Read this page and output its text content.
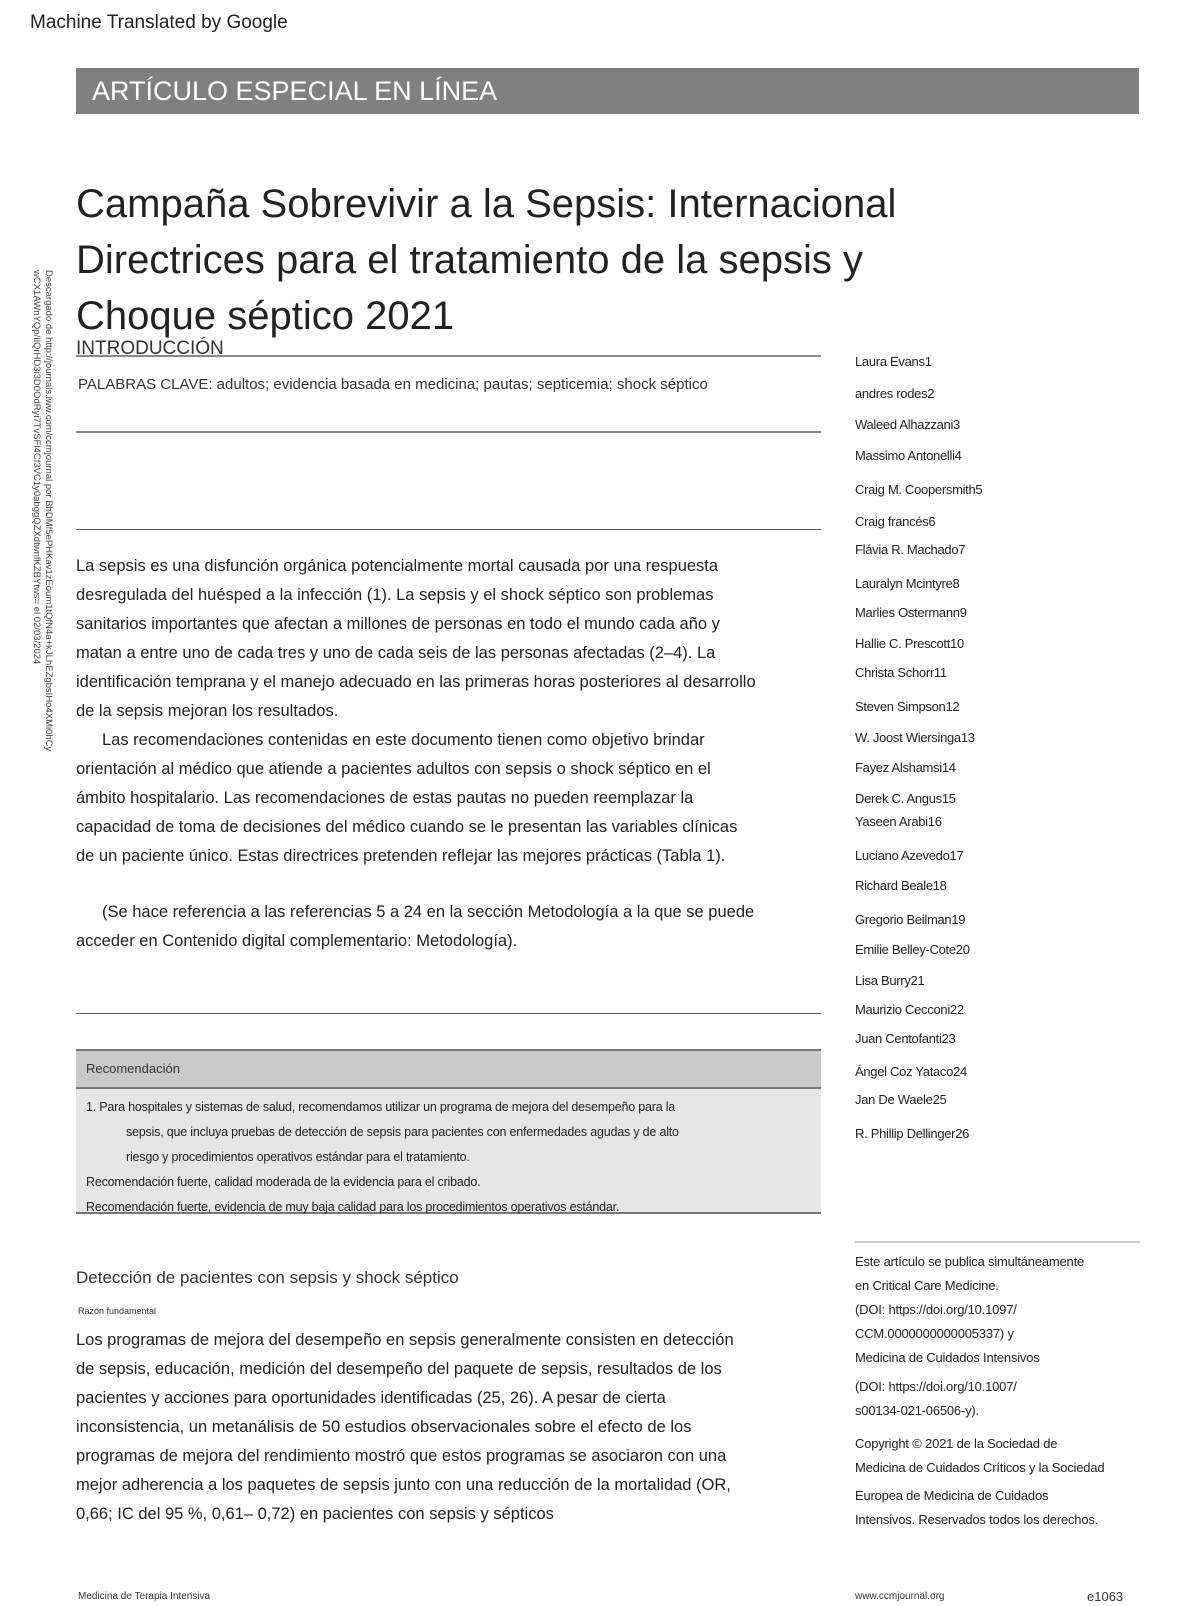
Machine Translated by Google
ARTÍCULO ESPECIAL EN LÍNEA
Campaña Sobrevivir a la Sepsis: Internacional
Directrices para el tratamiento de la sepsis y
Choque séptico 2021
Descargado de http://journals.lww.com/ccmjournal por BhDMf5ePHKav1zEoum1tQfN4a+kJLhEZgbsIHo4XMi0hCy
wCX1AWnYQp/IlQrHD3i3D0OdRyi7TvSFl4Cf3VC1y0abggQZXdtwnfKZBYtws= el 02/03/2024 INTRODUCCIÓN
PALABRAS CLAVE: adultos; evidencia basada en medicina; pautas; septicemia; shock séptico
La sepsis es una disfunción orgánica potencialmente mortal causada por una respuesta
desregulada del huésped a la infección (1). La sepsis y el shock séptico son problemas
sanitarios importantes que afectan a millones de personas en todo el mundo cada año y
matan a entre uno de cada tres y uno de cada seis de las personas afectadas (2–4). La
identificación temprana y el manejo adecuado en las primeras horas posteriores al desarrollo
de la sepsis mejoran los resultados.
Las recomendaciones contenidas en este documento tienen como objetivo brindar
orientación al médico que atiende a pacientes adultos con sepsis o shock séptico en el
ámbito hospitalario. Las recomendaciones de estas pautas no pueden reemplazar la
capacidad de toma de decisiones del médico cuando se le presentan las variables clínicas
de un paciente único. Estas directrices pretenden reflejar las mejores prácticas (Tabla 1).
(Se hace referencia a las referencias 5 a 24 en la sección Metodología a la que se puede
acceder en Contenido digital complementario: Metodología).
Laura Evans1
andres rodes2
Waleed Alhazzani3
Massimo Antonelli4
Craig M. Coopersmith5
Craig francés6
Flávia R. Machado7
Lauralyn Mcintyre8
Marlies Ostermann9
Hallie C. Prescott10
Christa Schorr11
Steven Simpson12
W. Joost Wiersinga13
Fayez Alshamsi14
Derek C. Angus15
Yaseen Arabi16
Luciano Azevedo17
Richard Beale18
Gregorio Beilman19
Emilie Belley-Cote20
Lisa Burry21
Maurizio Cecconi22
Juan Centofanti23
Ángel Coz Yataco24
Jan De Waele25
R. Phillip Dellinger26
Recomendación
1. Para hospitales y sistemas de salud, recomendamos utilizar un programa de mejora del desempeño para la
sepsis, que incluya pruebas de detección de sepsis para pacientes con enfermedades agudas y de alto
riesgo y procedimientos operativos estándar para el tratamiento.
Recomendación fuerte, calidad moderada de la evidencia para el cribado.
Recomendación fuerte, evidencia de muy baja calidad para los procedimientos operativos estándar.
Detección de pacientes con sepsis y shock séptico
Razón fundamental
Los programas de mejora del desempeño en sepsis generalmente consisten en detección
de sepsis, educación, medición del desempeño del paquete de sepsis, resultados de los
pacientes y acciones para oportunidades identificadas (25, 26). A pesar de cierta
inconsistencia, un metanálisis de 50 estudios observacionales sobre el efecto de los
programas de mejora del rendimiento mostró que estos programas se asociaron con una
mejor adherencia a los paquetes de sepsis junto con una reducción de la mortalidad (OR,
0,66; IC del 95 %, 0,61– 0,72) en pacientes con sepsis y sépticos
Este artículo se publica simultáneamente
en Critical Care Medicine.
(DOI: https://doi.org/10.1097/
CCM.0000000000005337) y
Medicina de Cuidados Intensivos
(DOI: https://doi.org/10.1007/
s00134-021-06506-y).
Copyright © 2021 de la Sociedad de
Medicina de Cuidados Críticos y la Sociedad
Europea de Medicina de Cuidados
Intensivos. Reservados todos los derechos.
Medicina de Terapia Intensiva	www.ccmjournal.org	e1063
